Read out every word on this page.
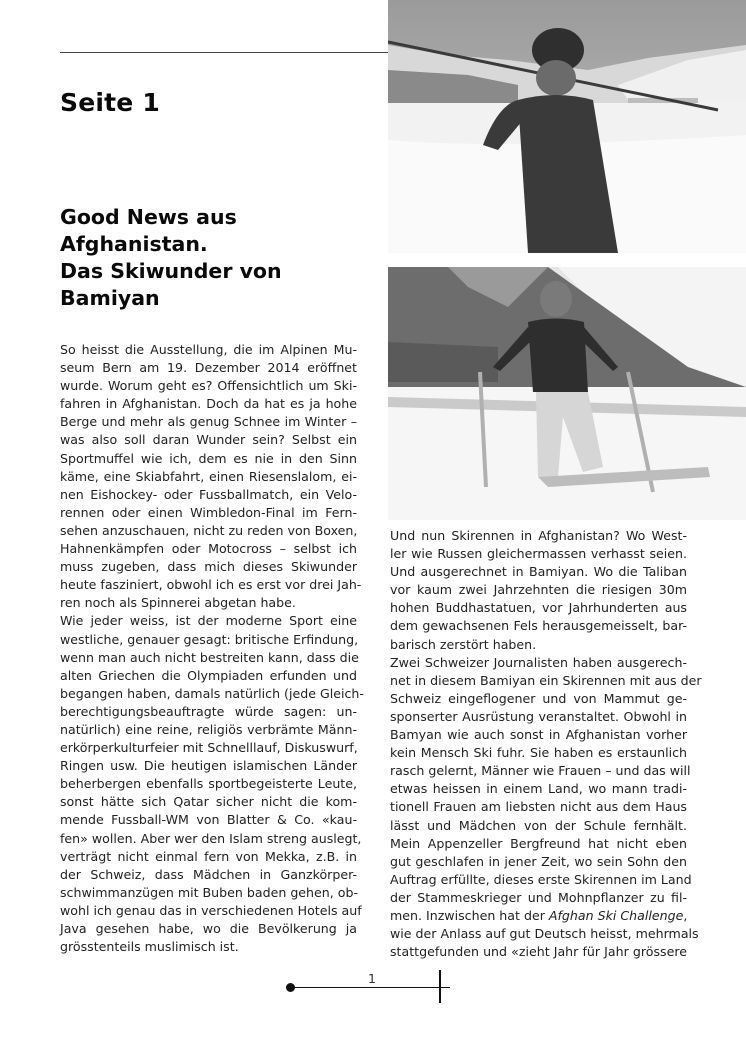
Seite 1
Good News aus
Afghanistan.
Das Skiwunder von
Bamiyan
So heisst die Ausstellung, die im Alpinen Mu-
seum Bern am 19. Dezember 2014 eröffnet
wurde. Worum geht es? Offensichtlich um Ski-
fahren in Afghanistan. Doch da hat es ja hohe
Berge und mehr als genug Schnee im Winter –
was also soll daran Wunder sein? Selbst ein
Sportmuffel wie ich, dem es nie in den Sinn
käme, eine Skiabfahrt, einen Riesenslalom, ei-
nen Eishockey- oder Fussballmatch, ein Velo-
rennen oder einen Wimbledon-Final im Fern-
sehen anzuschauen, nicht zu reden von Boxen,
Hahnenkämpfen oder Motocross – selbst ich
muss zugeben, dass mich dieses Skiwunder
heute fasziniert, obwohl ich es erst vor drei Jah-
ren noch als Spinnerei abgetan habe.
Wie jeder weiss, ist der moderne Sport eine
westliche, genauer gesagt: britische Erfindung,
wenn man auch nicht bestreiten kann, dass die
alten Griechen die Olympiaden erfunden und
begangen haben, damals natürlich (jede Gleich-
berechtigungsbeauftragte würde sagen: un-
natürlich) eine reine, religiös verbrämte Männ-
erkörperkulturfeier mit Schnelllauf, Diskuswurf,
Ringen usw. Die heutigen islamischen Länder
beherbergen ebenfalls sportbegeisterte Leute,
sonst hätte sich Qatar sicher nicht die kom-
mende Fussball-WM von Blatter & Co. «kau-
fen» wollen. Aber wer den Islam streng auslegt,
verträgt nicht einmal fern von Mekka, z.B. in
der Schweiz, dass Mädchen in Ganzkörper-
schwimmanzügen mit Buben baden gehen, ob-
wohl ich genau das in verschiedenen Hotels auf
Java gesehen habe, wo die Bevölkerung ja
grösstenteils muslimisch ist.
Und nun Skirennen in Afghanistan? Wo West-
ler wie Russen gleichermassen verhasst seien.
Und ausgerechnet in Bamiyan. Wo die Taliban
vor kaum zwei Jahrzehnten die riesigen 30m
hohen Buddhastatuen, vor Jahrhunderten aus
dem gewachsenen Fels herausgemeisselt, bar-
barisch zerstört haben.
Zwei Schweizer Journalisten haben ausgerech-
net in diesem Bamiyan ein Skirennen mit aus der
Schweiz eingeflogener und von Mammut ge-
sponserter Ausrüstung veranstaltet. Obwohl in
Bamyan wie auch sonst in Afghanistan vorher
kein Mensch Ski fuhr. Sie haben es erstaunlich
rasch gelernt, Männer wie Frauen – und das will
etwas heissen in einem Land, wo mann tradi-
tionell Frauen am liebsten nicht aus dem Haus
lässt und Mädchen von der Schule fernhält.
Mein Appenzeller Bergfreund hat nicht eben
gut geschlafen in jener Zeit, wo sein Sohn den
Auftrag erfüllte, dieses erste Skirennen im Land
der Stammeskrieger und Mohnpflanzer zu fil-
men. Inzwischen hat der Afghan Ski Challenge,
wie der Anlass auf gut Deutsch heisst, mehrmals
stattgefunden und «zieht Jahr für Jahr grössere
1
